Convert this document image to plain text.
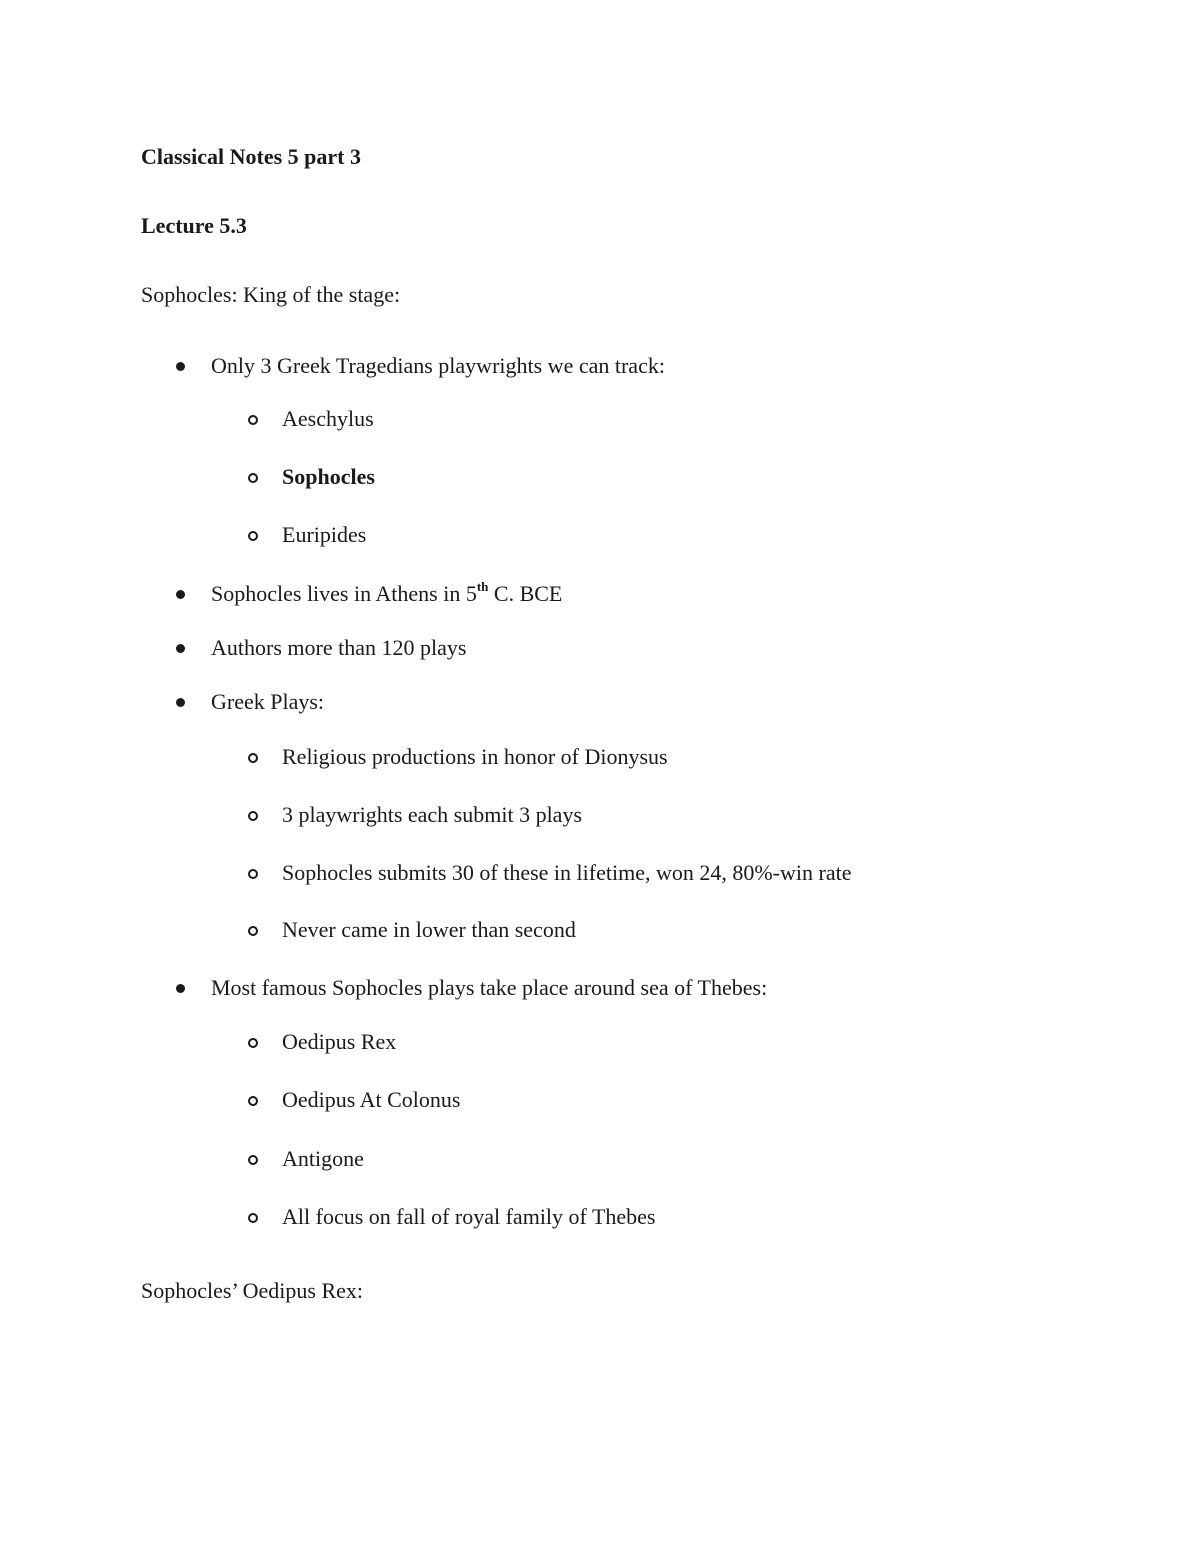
Classical Notes 5 part 3
Lecture 5.3
Sophocles: King of the stage:
Only 3 Greek Tragedians playwrights we can track:
Aeschylus
Sophocles
Euripides
Sophocles lives in Athens in 5th C. BCE
Authors more than 120 plays
Greek Plays:
Religious productions in honor of Dionysus
3 playwrights each submit 3 plays
Sophocles submits 30 of these in lifetime, won 24, 80%-win rate
Never came in lower than second
Most famous Sophocles plays take place around sea of Thebes:
Oedipus Rex
Oedipus At Colonus
Antigone
All focus on fall of royal family of Thebes
Sophocles’ Oedipus Rex:
